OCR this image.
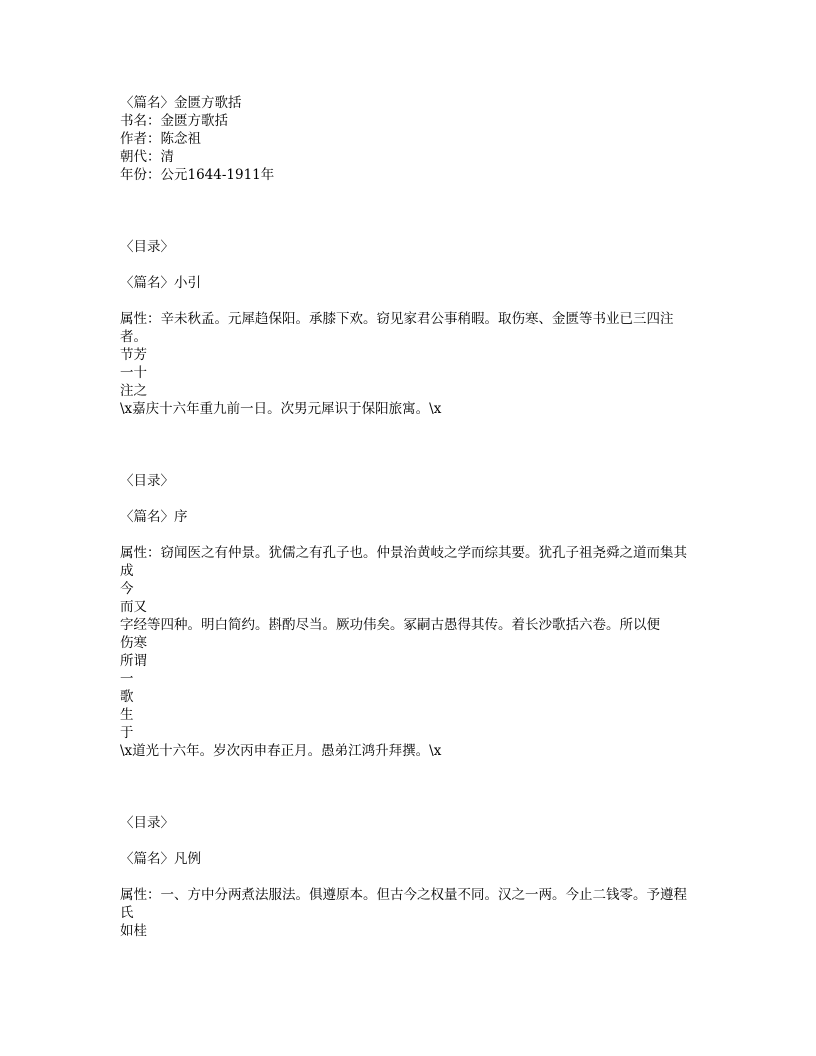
〈篇名〉金匮方歌括
书名：金匮方歌括
作者：陈念祖
朝代：清
年份：公元1644-1911年
〈目录〉
〈篇名〉小引
属性：辛未秋孟。元犀趋保阳。承膝下欢。窃见家君公事稍暇。取伤寒、金匮等书业已三四注者。
节芳
一十
注之
\x嘉庆十六年重九前一日。次男元犀识于保阳旅寓。\x
〈目录〉
〈篇名〉序
属性：窃闻医之有仲景。犹儒之有孔子也。仲景治黄岐之学而综其要。犹孔子祖尧舜之道而集其成
今
而又
字经等四种。明白简约。斟酌尽当。厥功伟矣。冢嗣古愚得其传。着长沙歌括六卷。所以便
伤寒
所谓
一
歌
生
于
\x道光十六年。岁次丙申春正月。愚弟江鸿升拜撰。\x
〈目录〉
〈篇名〉凡例
属性：一、方中分两煮法服法。俱遵原本。但古今之权量不同。汉之一两。今止二钱零。予遵程氏
如桂
